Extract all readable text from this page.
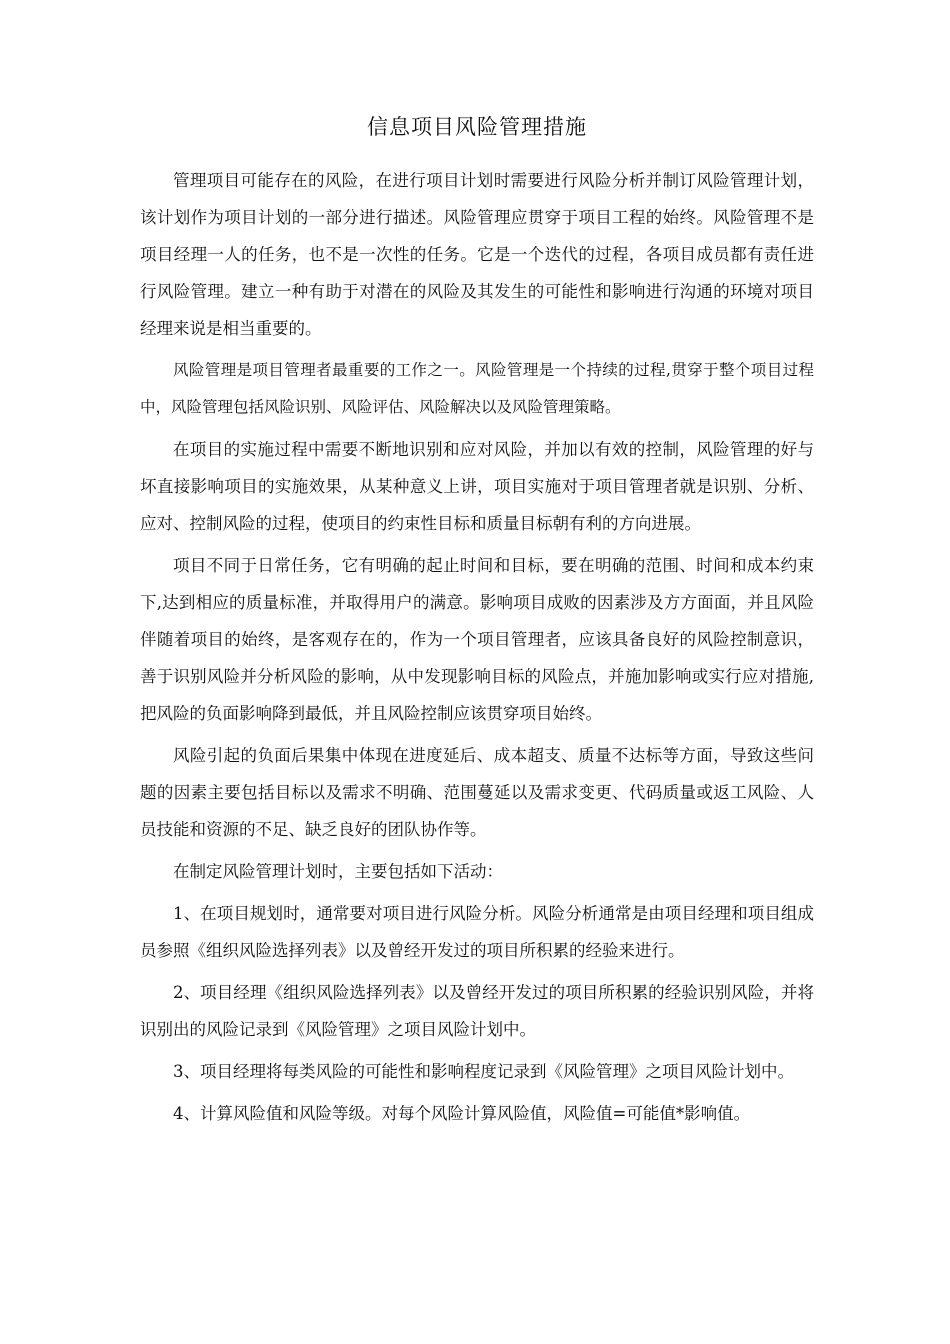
信息项目风险管理措施

管理项目可能存在的风险，在进行项目计划时需要进行风险分析并制订风险管理计划，该计划作为项目计划的一部分进行描述。风险管理应贯穿于项目工程的始终。风险管理不是项目经理一人的任务，也不是一次性的任务。它是一个迭代的过程，各项目成员都有责任进行风险管理。建立一种有助于对潜在的风险及其发生的可能性和影响进行沟通的环境对项目经理来说是相当重要的。

风险管理是项目管理者最重要的工作之一。风险管理是一个持续的过程,贯穿于整个项目过程中，风险管理包括风险识别、风险评估、风险解决以及风险管理策略。

在项目的实施过程中需要不断地识别和应对风险，并加以有效的控制，风险管理的好与坏直接影响项目的实施效果，从某种意义上讲，项目实施对于项目管理者就是识别、分析、应对、控制风险的过程，使项目的约束性目标和质量目标朝有利的方向进展。

项目不同于日常任务，它有明确的起止时间和目标，要在明确的范围、时间和成本约束下,达到相应的质量标准，并取得用户的满意。影响项目成败的因素涉及方方面面，并且风险伴随着项目的始终，是客观存在的，作为一个项目管理者，应该具备良好的风险控制意识，善于识别风险并分析风险的影响，从中发现影响目标的风险点，并施加影响或实行应对措施,把风险的负面影响降到最低，并且风险控制应该贯穿项目始终。

风险引起的负面后果集中体现在进度延后、成本超支、质量不达标等方面，导致这些问题的因素主要包括目标以及需求不明确、范围蔓延以及需求变更、代码质量或返工风险、人员技能和资源的不足、缺乏良好的团队协作等。

在制定风险管理计划时，主要包括如下活动：

1、在项目规划时，通常要对项目进行风险分析。风险分析通常是由项目经理和项目组成员参照《组织风险选择列表》以及曾经开发过的项目所积累的经验来进行。

2、项目经理《组织风险选择列表》以及曾经开发过的项目所积累的经验识别风险，并将识别出的风险记录到《风险管理》之项目风险计划中。

3、项目经理将每类风险的可能性和影响程度记录到《风险管理》之项目风险计划中。

4、计算风险值和风险等级。对每个风险计算风险值，风险值=可能值*影响值。
